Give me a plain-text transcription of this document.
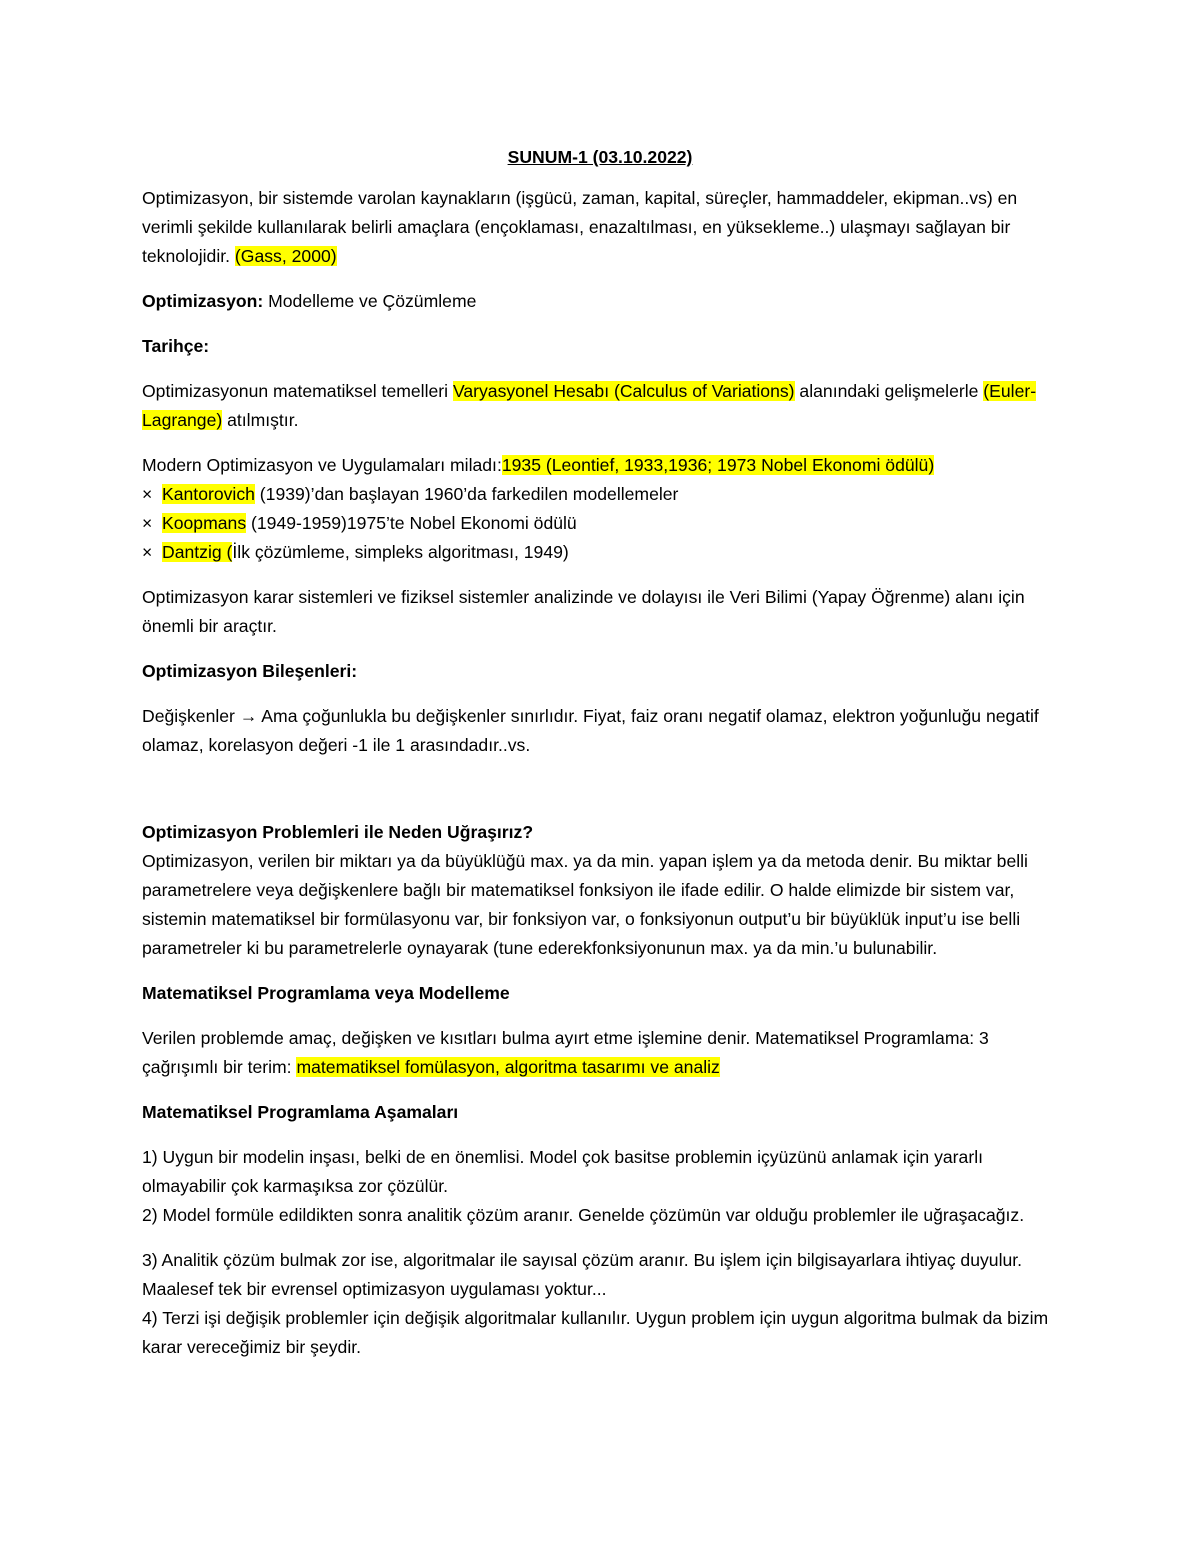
SUNUM-1 (03.10.2022)

Optimizasyon, bir sistemde varolan kaynakların (işgücü, zaman, kapital, süreçler, hammaddeler, ekipman..vs) en verimli şekilde kullanılarak belirli amaçlara (ençoklaması, enazaltılması, en yüksekleme..) ulaşmayı sağlayan bir teknolojidir. (Gass, 2000)

Optimizasyon: Modelleme ve Çözümleme

Tarihçe:

Optimizasyonun matematiksel temelleri Varyasyonel Hesabı (Calculus of Variations) alanındaki gelişmelerle (Euler-Lagrange) atılmıştır.

Modern Optimizasyon ve Uygulamaları miladı:1935 (Leontief, 1933,1936; 1973 Nobel Ekonomi ödülü)
× Kantorovich (1939)’dan başlayan 1960’da farkedilen modellemeler
× Koopmans (1949-1959)1975’te Nobel Ekonomi ödülü
× Dantzig (İlk çözümleme, simpleks algoritması, 1949)

Optimizasyon karar sistemleri ve fiziksel sistemler analizinde ve dolayısı ile Veri Bilimi (Yapay Öğrenme) alanı için önemli bir araçtır.

Optimizasyon Bileşenleri:

Değişkenler → Ama çoğunlukla bu değişkenler sınırlıdır. Fiyat, faiz oranı negatif olamaz, elektron yoğunluğu negatif olamaz, korelasyon değeri -1 ile 1 arasındadır..vs.

Optimizasyon Problemleri ile Neden Uğraşırız?

Optimizasyon, verilen bir miktarı ya da büyüklüğü max. ya da min. yapan işlem ya da metoda denir. Bu miktar belli parametrelere veya değişkenlere bağlı bir matematiksel fonksiyon ile ifade edilir. O halde elimizde bir sistem var, sistemin matematiksel bir formülasyonu var, bir fonksiyon var, o fonksiyonun output’u bir büyüklük input’u ise belli parametreler ki bu parametrelerle oynayarak (tune ederekfonksiyonunun max. ya da min.’u bulunabilir.

Matematiksel Programlama veya Modelleme

Verilen problemde amaç, değişken ve kısıtları bulma ayırt etme işlemine denir. Matematiksel Programlama: 3 çağrışımlı bir terim: matematiksel fomülasyon, algoritma tasarımı ve analiz

Matematiksel Programlama Aşamaları

1) Uygun bir modelin inşası, belki de en önemlisi. Model çok basitse problemin içyüzünü anlamak için yararlı olmayabilir çok karmaşıksa zor çözülür.

2) Model formüle edildikten sonra analitik çözüm aranır. Genelde çözümün var olduğu problemler ile uğraşacağız.

3) Analitik çözüm bulmak zor ise, algoritmalar ile sayısal çözüm aranır. Bu işlem için bilgisayarlara ihtiyaç duyulur. Maalesef tek bir evrensel optimizasyon uygulaması yoktur...

4) Terzi işi değişik problemler için değişik algoritmalar kullanılır. Uygun problem için uygun algoritma bulmak da bizim karar vereceğimiz bir şeydir.
